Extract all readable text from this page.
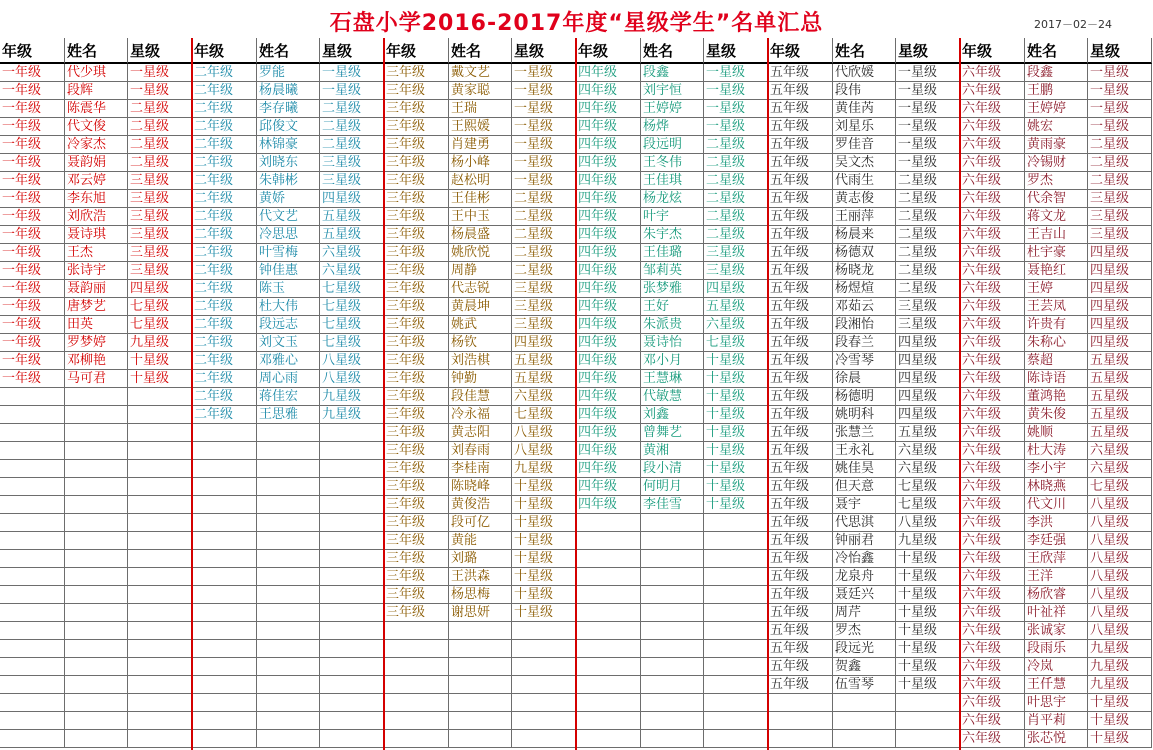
石盘小学2016-2017年度“星级学生”名单汇总	2017－02－24
年级	姓名	星级
一年级	代少琪	一星级
一年级	段辉	一星级
一年级	陈震华	二星级
一年级	代文俊	二星级
一年级	冷家杰	二星级
一年级	聂韵娟	二星级
一年级	邓云婷	三星级
一年级	李东旭	三星级
一年级	刘欣浩	三星级
一年级	聂诗琪	三星级
一年级	王杰	三星级
一年级	张诗宇	三星级
一年级	聂韵丽	四星级
一年级	唐梦艺	七星级
一年级	田英	七星级
一年级	罗梦婷	九星级
一年级	邓柳艳	十星级
一年级	马可君	十星级
年级	姓名	星级
二年级	罗能	一星级
二年级	杨晨曦	一星级
二年级	李存曦	二星级
二年级	邱俊文	二星级
二年级	林锦豪	二星级
二年级	刘晓东	三星级
二年级	朱韩彬	三星级
二年级	黄娇	四星级
二年级	代文艺	五星级
二年级	冷思思	五星级
二年级	叶雪梅	六星级
二年级	钟佳惠	六星级
二年级	陈玉	七星级
二年级	杜大伟	七星级
二年级	段远志	七星级
二年级	刘文玉	七星级
二年级	邓雅心	八星级
二年级	周心雨	八星级
二年级	蒋佳宏	九星级
二年级	王思雅	九星级
年级	姓名	星级
三年级	戴文艺	一星级
三年级	黄家聪	一星级
三年级	王瑞	一星级
三年级	王熙媛	一星级
三年级	肖建勇	一星级
三年级	杨小峰	一星级
三年级	赵松明	一星级
三年级	王佳彬	二星级
三年级	王中玉	二星级
三年级	杨晨盛	二星级
三年级	姚欣悦	二星级
三年级	周静	二星级
三年级	代志锐	三星级
三年级	黄晨坤	三星级
三年级	姚武	三星级
三年级	杨钦	四星级
三年级	刘浩棋	五星级
三年级	钟勤	五星级
三年级	段佳慧	六星级
三年级	冷永福	七星级
三年级	黄志阳	八星级
三年级	刘春雨	八星级
三年级	李桂南	九星级
三年级	陈晓峰	十星级
三年级	黄俊浩	十星级
三年级	段可亿	十星级
三年级	黄能	十星级
三年级	刘璐	十星级
三年级	王洪森	十星级
三年级	杨思梅	十星级
三年级	谢思妍	十星级
年级	姓名	星级
四年级	段鑫	一星级
四年级	刘宇恒	一星级
四年级	王婷婷	一星级
四年级	杨烨	一星级
四年级	段远明	二星级
四年级	王冬伟	二星级
四年级	王佳琪	二星级
四年级	杨龙炫	二星级
四年级	叶宇	二星级
四年级	朱宇杰	二星级
四年级	王佳璐	三星级
四年级	邹莉英	三星级
四年级	张梦雅	四星级
四年级	王好	五星级
四年级	朱派贵	六星级
四年级	聂诗怡	七星级
四年级	邓小月	十星级
四年级	王慧琳	十星级
四年级	代敏慧	十星级
四年级	刘鑫	十星级
四年级	曾舞艺	十星级
四年级	黄湘	十星级
四年级	段小清	十星级
四年级	何明月	十星级
四年级	李佳雪	十星级
年级	姓名	星级
五年级	代欣媛	一星级
五年级	段伟	一星级
五年级	黄佳芮	一星级
五年级	刘星乐	一星级
五年级	罗佳音	一星级
五年级	吴文杰	一星级
五年级	代雨生	二星级
五年级	黄志俊	二星级
五年级	王丽萍	二星级
五年级	杨晨来	二星级
五年级	杨德双	二星级
五年级	杨晓龙	二星级
五年级	杨煜煊	二星级
五年级	邓茹云	三星级
五年级	段湘怡	三星级
五年级	段春兰	四星级
五年级	冷雪琴	四星级
五年级	徐晨	四星级
五年级	杨德明	四星级
五年级	姚明科	四星级
五年级	张慧兰	五星级
五年级	王永礼	六星级
五年级	姚佳昊	六星级
五年级	但天意	七星级
五年级	聂宇	七星级
五年级	代思淇	八星级
五年级	钟丽君	九星级
五年级	冷怡鑫	十星级
五年级	龙泉舟	十星级
五年级	聂廷兴	十星级
五年级	周芹	十星级
五年级	罗杰	十星级
五年级	段远光	十星级
五年级	贺鑫	十星级
五年级	伍雪琴	十星级
年级	姓名	星级
六年级	段鑫	一星级
六年级	王鹏	一星级
六年级	王婷婷	一星级
六年级	姚宏	一星级
六年级	黄雨豪	二星级
六年级	冷锡财	二星级
六年级	罗杰	二星级
六年级	代余智	三星级
六年级	蒋文龙	三星级
六年级	王吉山	三星级
六年级	杜宇豪	四星级
六年级	聂艳红	四星级
六年级	王婷	四星级
六年级	王芸凤	四星级
六年级	许贵有	四星级
六年级	朱称心	四星级
六年级	蔡超	五星级
六年级	陈诗语	五星级
六年级	董鸿艳	五星级
六年级	黄朱俊	五星级
六年级	姚顺	五星级
六年级	杜大涛	六星级
六年级	李小宇	六星级
六年级	林晓燕	七星级
六年级	代文川	八星级
六年级	李洪	八星级
六年级	李廷强	八星级
六年级	王欣萍	八星级
六年级	王洋	八星级
六年级	杨欣睿	八星级
六年级	叶祉祥	八星级
六年级	张诚家	八星级
六年级	段雨乐	九星级
六年级	冷岚	九星级
六年级	王仟慧	九星级
六年级	叶思宇	十星级
六年级	肖平莉	十星级
六年级	张芯悦	十星级
